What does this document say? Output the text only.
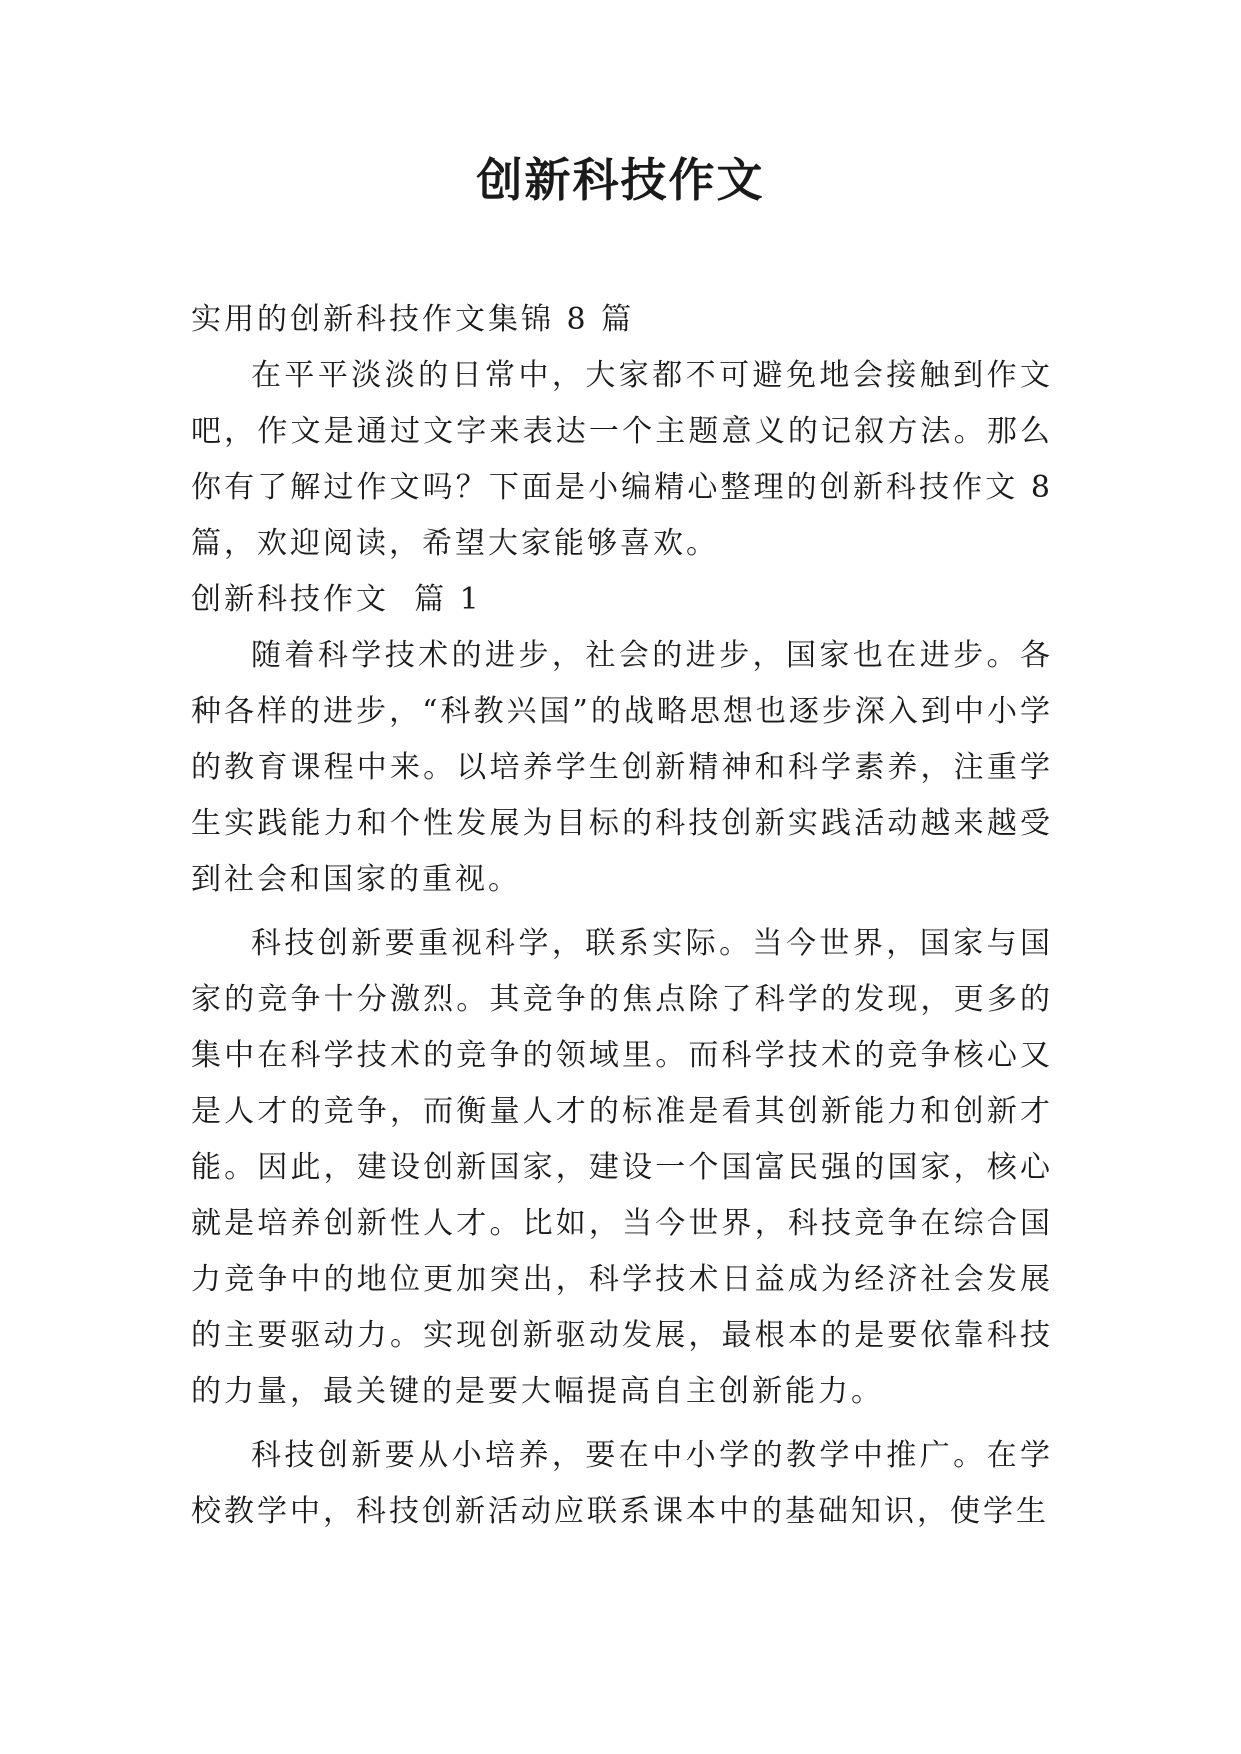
创新科技作文

实用的创新科技作文集锦 8 篇

在平平淡淡的日常中，大家都不可避免地会接触到作文吧，作文是通过文字来表达一个主题意义的记叙方法。那么你有了解过作文吗？下面是小编精心整理的创新科技作文 8 篇，欢迎阅读，希望大家能够喜欢。

创新科技作文  篇 1

随着科学技术的进步，社会的进步，国家也在进步。各种各样的进步，“科教兴国”的战略思想也逐步深入到中小学的教育课程中来。以培养学生创新精神和科学素养，注重学生实践能力和个性发展为目标的科技创新实践活动越来越受到社会和国家的重视。

科技创新要重视科学，联系实际。当今世界，国家与国家的竞争十分激烈。其竞争的焦点除了科学的发现，更多的集中在科学技术的竞争的领域里。而科学技术的竞争核心又是人才的竞争，而衡量人才的标准是看其创新能力和创新才能。因此，建设创新国家，建设一个国富民强的国家，核心就是培养创新性人才。比如，当今世界，科技竞争在综合国力竞争中的地位更加突出，科学技术日益成为经济社会发展的主要驱动力。实现创新驱动发展，最根本的是要依靠科技的力量，最关键的是要大幅提高自主创新能力。

科技创新要从小培养，要在中小学的教学中推广。在学校教学中，科技创新活动应联系课本中的基础知识，使学生
